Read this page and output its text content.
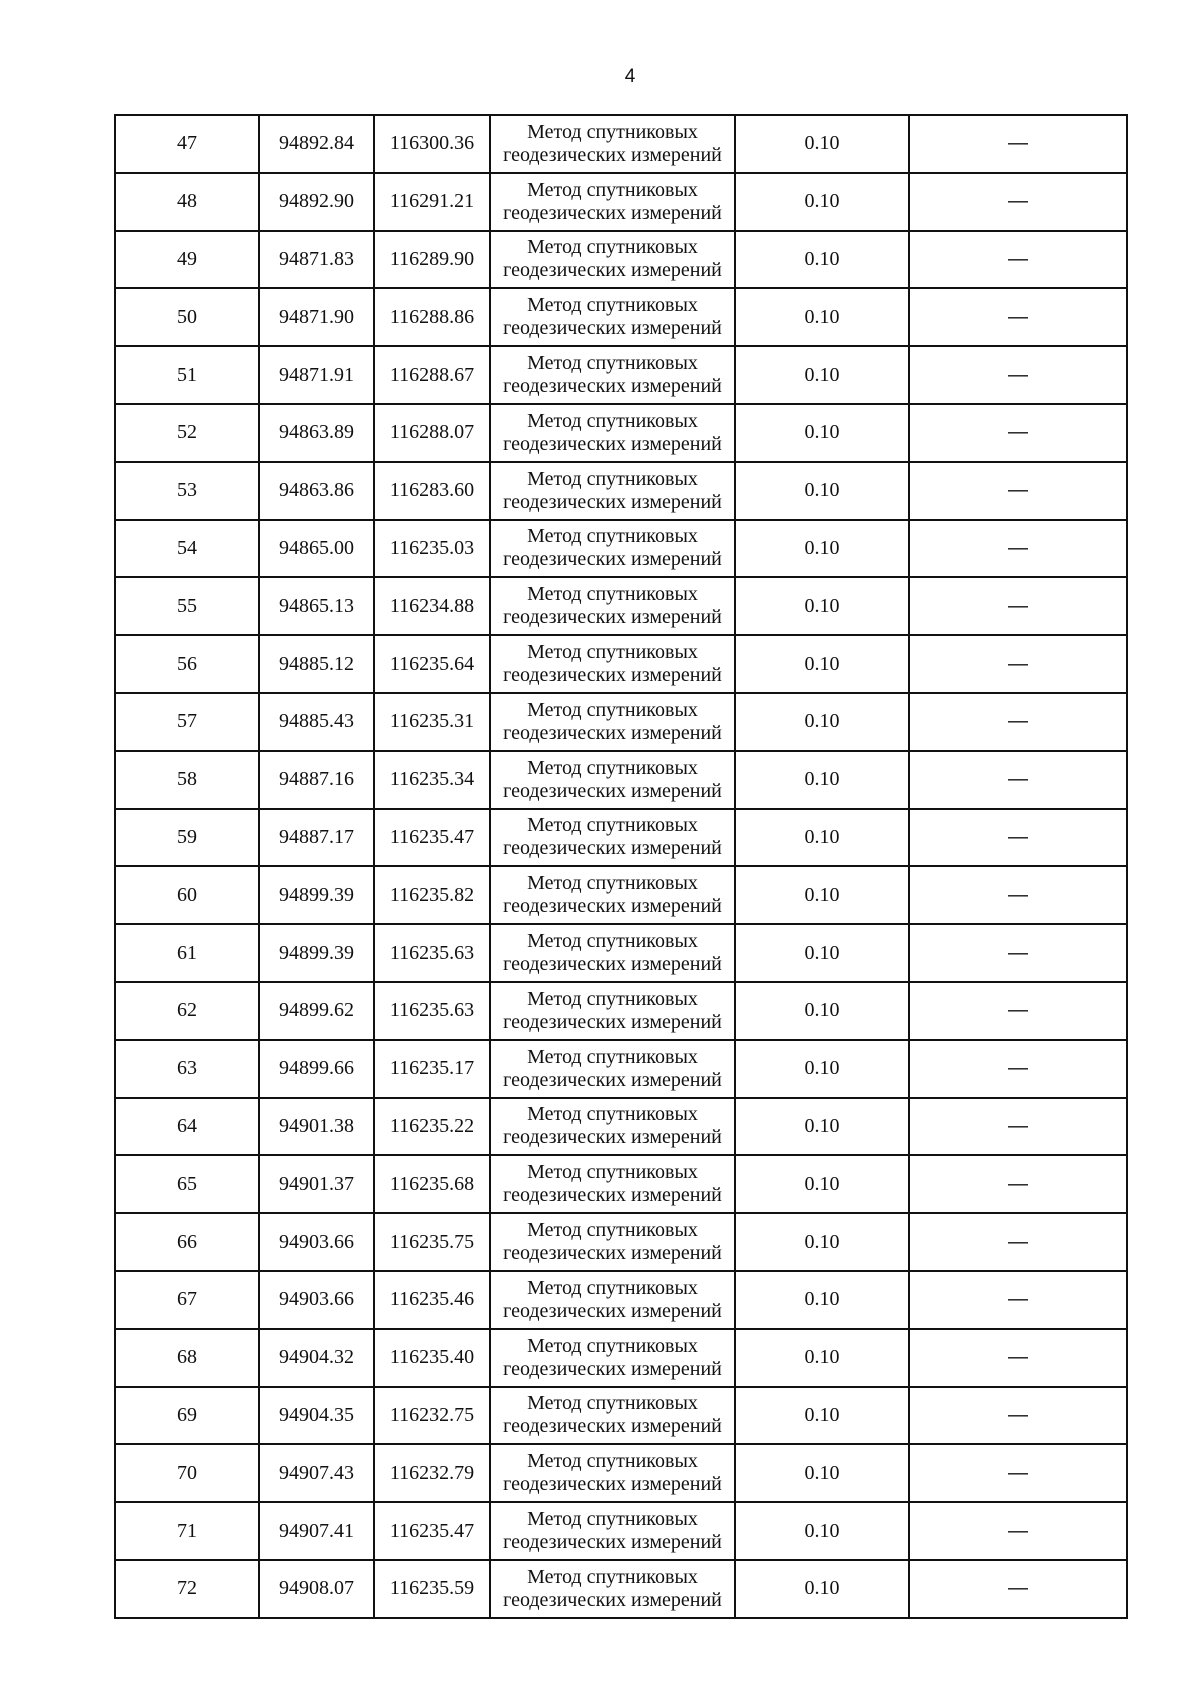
4
47	94892.84	116300.36	Метод спутниковых геодезических измерений	0.10	—
48	94892.90	116291.21	Метод спутниковых геодезических измерений	0.10	—
49	94871.83	116289.90	Метод спутниковых геодезических измерений	0.10	—
50	94871.90	116288.86	Метод спутниковых геодезических измерений	0.10	—
51	94871.91	116288.67	Метод спутниковых геодезических измерений	0.10	—
52	94863.89	116288.07	Метод спутниковых геодезических измерений	0.10	—
53	94863.86	116283.60	Метод спутниковых геодезических измерений	0.10	—
54	94865.00	116235.03	Метод спутниковых геодезических измерений	0.10	—
55	94865.13	116234.88	Метод спутниковых геодезических измерений	0.10	—
56	94885.12	116235.64	Метод спутниковых геодезических измерений	0.10	—
57	94885.43	116235.31	Метод спутниковых геодезических измерений	0.10	—
58	94887.16	116235.34	Метод спутниковых геодезических измерений	0.10	—
59	94887.17	116235.47	Метод спутниковых геодезических измерений	0.10	—
60	94899.39	116235.82	Метод спутниковых геодезических измерений	0.10	—
61	94899.39	116235.63	Метод спутниковых геодезических измерений	0.10	—
62	94899.62	116235.63	Метод спутниковых геодезических измерений	0.10	—
63	94899.66	116235.17	Метод спутниковых геодезических измерений	0.10	—
64	94901.38	116235.22	Метод спутниковых геодезических измерений	0.10	—
65	94901.37	116235.68	Метод спутниковых геодезических измерений	0.10	—
66	94903.66	116235.75	Метод спутниковых геодезических измерений	0.10	—
67	94903.66	116235.46	Метод спутниковых геодезических измерений	0.10	—
68	94904.32	116235.40	Метод спутниковых геодезических измерений	0.10	—
69	94904.35	116232.75	Метод спутниковых геодезических измерений	0.10	—
70	94907.43	116232.79	Метод спутниковых геодезических измерений	0.10	—
71	94907.41	116235.47	Метод спутниковых геодезических измерений	0.10	—
72	94908.07	116235.59	Метод спутниковых геодезических измерений	0.10	—
